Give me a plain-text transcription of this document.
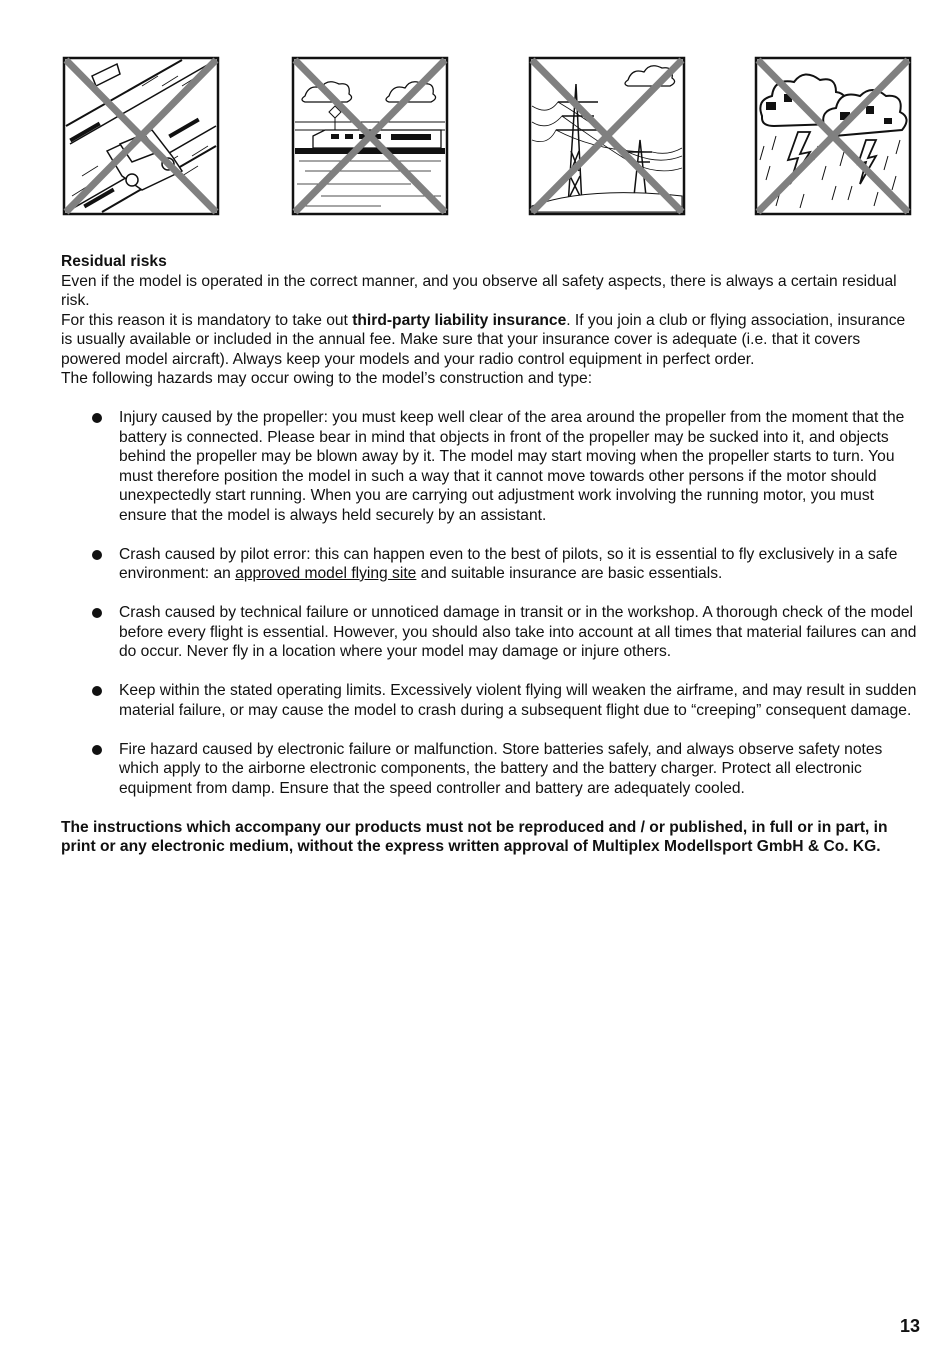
Residual risks

Even if the model is operated in the correct manner, and you observe all safety aspects, there is always a certain residual risk.

For this reason it is mandatory to take out third-party liability insurance. If you join a club or flying association, insurance is usually available or included in the annual fee. Make sure that your insurance cover is adequate (i.e. that it covers powered model aircraft). Always keep your models and your radio control equipment in perfect order.

The following hazards may occur owing to the model’s construction and type:

Injury caused by the propeller: you must keep well clear of the area around the propeller from the moment that the battery is connected. Please bear in mind that objects in front of the propeller may be sucked into it, and objects behind the propeller may be blown away by it. The model may start moving when the propeller starts to turn. You must therefore position the model in such a way that it cannot move towards other persons if the motor should unexpectedly start running. When you are carrying out adjustment work involving the running motor, you must ensure that the model is always held securely by an assistant.
Crash caused by pilot error: this can happen even to the best of pilots, so it is essential to fly exclusively in a safe environment: an approved model flying site and suitable insurance are basic essentials.
Crash caused by technical failure or unnoticed damage in transit or in the workshop. A thorough check of the model before every flight is essential. However, you should also take into account at all times that material failures can and do occur. Never fly in a location where your model may damage or injure others.
Keep within the stated operating limits. Excessively violent flying will weaken the airframe, and may result in sudden material failure, or may cause the model to crash during a subsequent flight due to “creeping” consequent damage.
Fire hazard caused by electronic failure or malfunction. Store batteries safely, and always observe safety notes which apply to the airborne electronic components, the battery and the battery charger. Protect all electronic equipment from damp. Ensure that the speed controller and battery are adequately cooled.

The instructions which accompany our products must not be reproduced and / or published, in full or in part, in print or any electronic medium, without the express written approval of Multiplex Modellsport GmbH & Co. KG.

13
